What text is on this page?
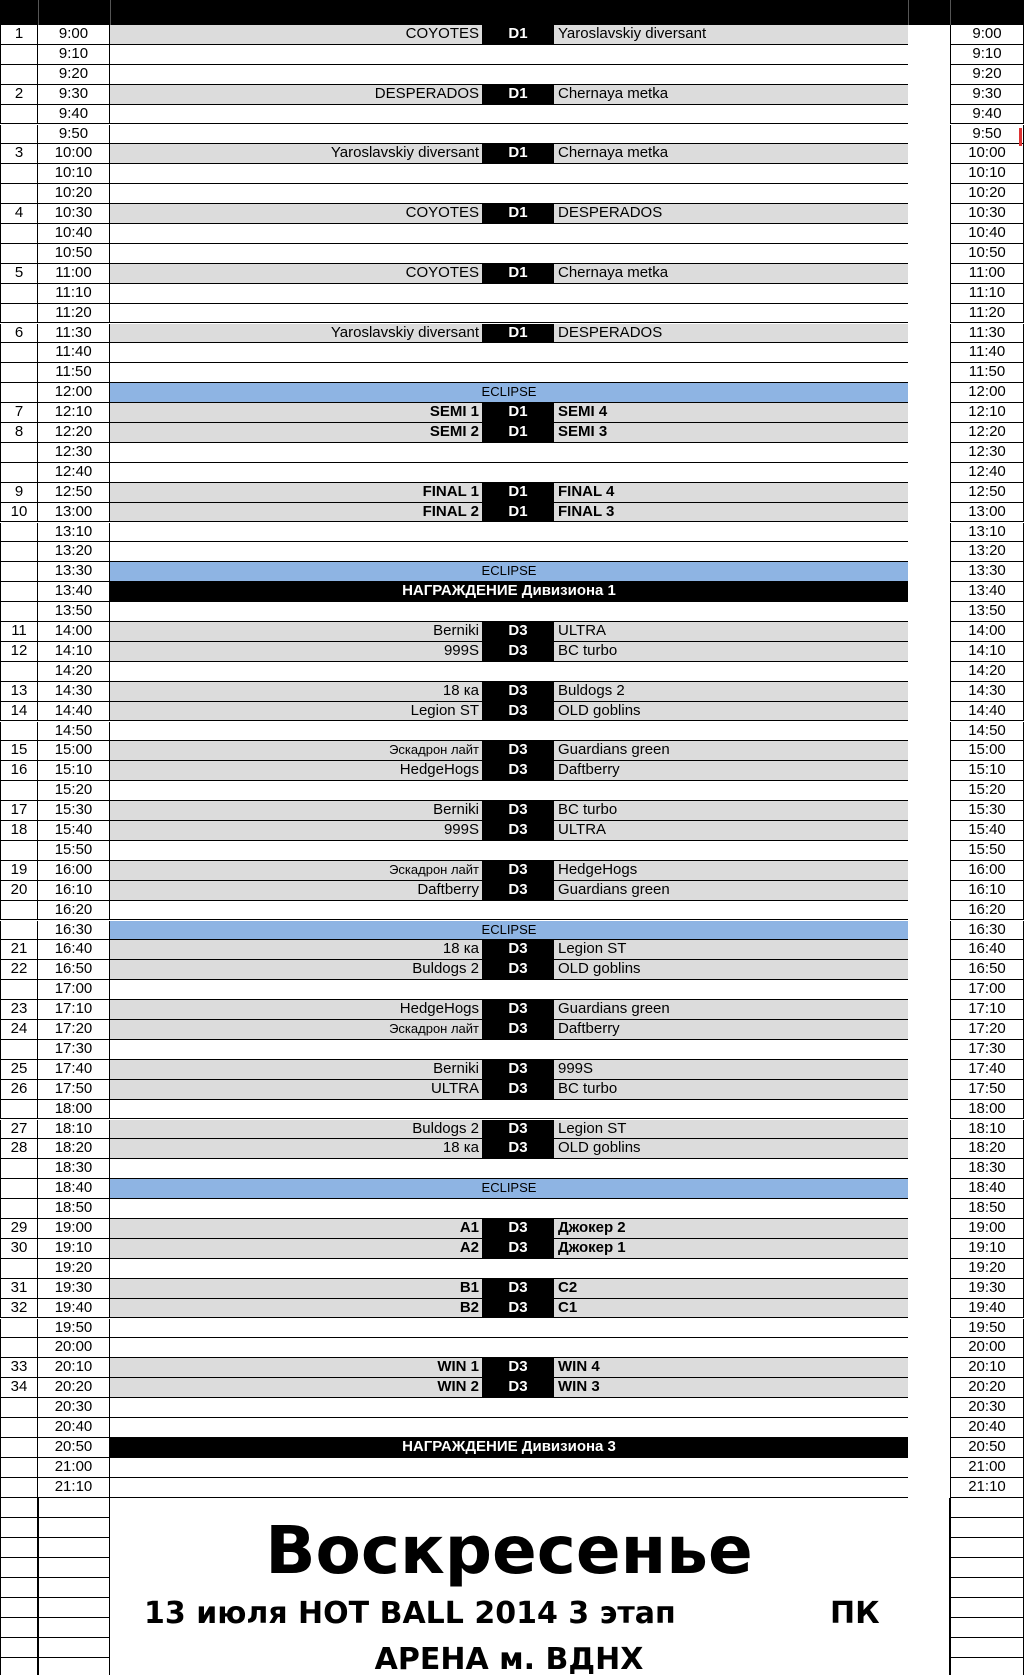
1	9:00	COYOTES	D1	Yaroslavskiy diversant	9:00
9:10	9:10
9:20	9:20
2	9:30	DESPERADOS	D1	Chernaya metka	9:30
9:40	9:40
9:50	9:50
3	10:00	Yaroslavskiy diversant	D1	Chernaya metka	10:00
10:10	10:10
10:20	10:20
4	10:30	COYOTES	D1	DESPERADOS	10:30
10:40	10:40
10:50	10:50
5	11:00	COYOTES	D1	Chernaya metka	11:00
11:10	11:10
11:20	11:20
6	11:30	Yaroslavskiy diversant	D1	DESPERADOS	11:30
11:40	11:40
11:50	11:50
12:00	ECLIPSE	12:00
7	12:10	SEMI 1	D1	SEMI 4	12:10
8	12:20	SEMI 2	D1	SEMI 3	12:20
12:30	12:30
12:40	12:40
9	12:50	FINAL 1	D1	FINAL 4	12:50
10	13:00	FINAL 2	D1	FINAL 3	13:00
13:10	13:10
13:20	13:20
13:30	ECLIPSE	13:30
13:40	НАГРАЖДЕНИЕ Дивизиона 1	13:40
13:50	13:50
11	14:00	Berniki	D3	ULTRA	14:00
12	14:10	999S	D3	BC turbo	14:10
14:20	14:20
13	14:30	18 ка	D3	Buldogs 2	14:30
14	14:40	Legion ST	D3	OLD goblins	14:40
14:50	14:50
15	15:00	Эскадрон лайт	D3	Guardians green	15:00
16	15:10	HedgeHogs	D3	Daftberry	15:10
15:20	15:20
17	15:30	Berniki	D3	BC turbo	15:30
18	15:40	999S	D3	ULTRA	15:40
15:50	15:50
19	16:00	Эскадрон лайт	D3	HedgeHogs	16:00
20	16:10	Daftberry	D3	Guardians green	16:10
16:20	16:20
16:30	ECLIPSE	16:30
21	16:40	18 ка	D3	Legion ST	16:40
22	16:50	Buldogs 2	D3	OLD goblins	16:50
17:00	17:00
23	17:10	HedgeHogs	D3	Guardians green	17:10
24	17:20	Эскадрон лайт	D3	Daftberry	17:20
17:30	17:30
25	17:40	Berniki	D3	999S	17:40
26	17:50	ULTRA	D3	BC turbo	17:50
18:00	18:00
27	18:10	Buldogs 2	D3	Legion ST	18:10
28	18:20	18 ка	D3	OLD goblins	18:20
18:30	18:30
18:40	ECLIPSE	18:40
18:50	18:50
29	19:00	A1	D3	Джокер 2	19:00
30	19:10	A2	D3	Джокер 1	19:10
19:20	19:20
31	19:30	B1	D3	C2	19:30
32	19:40	B2	D3	C1	19:40
19:50	19:50
20:00	20:00
33	20:10	WIN 1	D3	WIN 4	20:10
34	20:20	WIN 2	D3	WIN 3	20:20
20:30	20:30
20:40	20:40
20:50	НАГРАЖДЕНИЕ Дивизиона 3	20:50
21:00	21:00
21:10	21:10
Воскресенье
13 июля HOT BALL 2014 3 этап	ПК
АРЕНА м. ВДНХ
